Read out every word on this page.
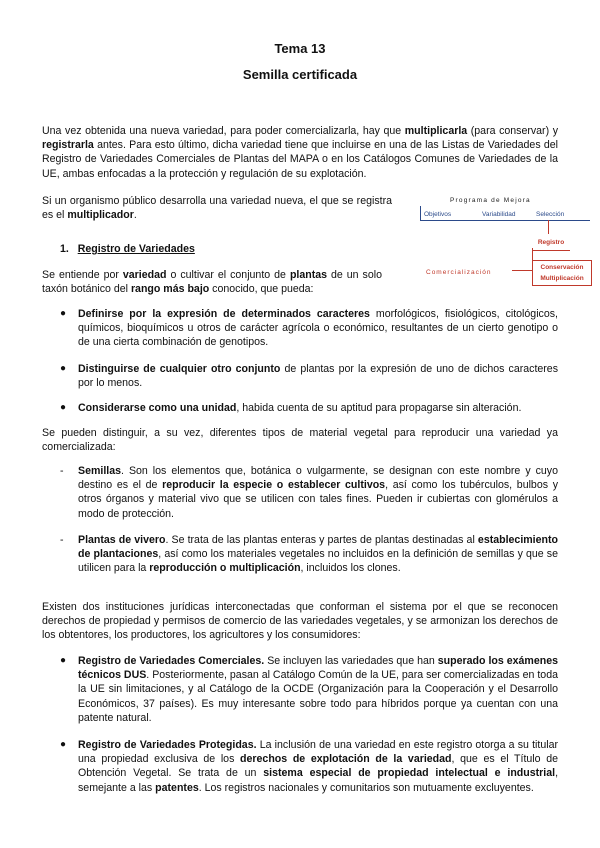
Tema 13
Semilla certificada

Una vez obtenida una nueva variedad, para poder comercializarla, hay que multiplicarla (para conservar) y registrarla antes. Para esto último, dicha variedad tiene que incluirse en una de las Listas de Variedades del Registro de Variedades Comerciales de Plantas del MAPA o en los Catálogos Comunes de Variedades de la UE, ambas enfocadas a la protección y regulación de su explotación.

Si un organismo público desarrolla una variedad nueva, el que se registra es el multiplicador.

Programa de Mejora
Objetivos	Variabilidad	Selección
Registro
Comercialización
Conservación
Multiplicación
1. Registro de Variedades

Se entiende por variedad o cultivar el conjunto de plantas de un solo taxón botánico del rango más bajo conocido, que pueda:

● Definirse por la expresión de determinados caracteres morfológicos, fisiológicos, citológicos, químicos, bioquímicos u otros de carácter agrícola o económico, resultantes de un cierto genotipo o de una cierta combinación de genotipos.

● Distinguirse de cualquier otro conjunto de plantas por la expresión de uno de dichos caracteres por lo menos.

● Considerarse como una unidad, habida cuenta de su aptitud para propagarse sin alteración.

Se pueden distinguir, a su vez, diferentes tipos de material vegetal para reproducir una variedad ya comercializada:

- Semillas. Son los elementos que, botánica o vulgarmente, se designan con este nombre y cuyo destino es el de reproducir la especie o establecer cultivos, así como los tubérculos, bulbos y otros órganos y material vivo que se utilicen con tales fines. Pueden ir cubiertas con glomérulos a modo de protección.

- Plantas de vivero. Se trata de las plantas enteras y partes de plantas destinadas al establecimiento de plantaciones, así como los materiales vegetales no incluidos en la definición de semillas y que se utilicen para la reproducción o multiplicación, incluidos los clones.

Existen dos instituciones jurídicas interconectadas que conforman el sistema por el que se reconocen derechos de propiedad y permisos de comercio de las variedades vegetales, y se armonizan los derechos de los obtentores, los productores, los agricultores y los consumidores:

● Registro de Variedades Comerciales. Se incluyen las variedades que han superado los exámenes técnicos DUS. Posteriormente, pasan al Catálogo Común de la UE, para ser comercializadas en toda la UE sin limitaciones, y al Catálogo de la OCDE (Organización para la Cooperación y el Desarrollo Económicos, 37 países). Es muy interesante sobre todo para híbridos porque ya cuentan con una patente natural.

● Registro de Variedades Protegidas. La inclusión de una variedad en este registro otorga a su titular una propiedad exclusiva de los derechos de explotación de la variedad, que es el Título de Obtención Vegetal. Se trata de un sistema especial de propiedad intelectual e industrial, semejante a las patentes. Los registros nacionales y comunitarios son mutuamente excluyentes.
